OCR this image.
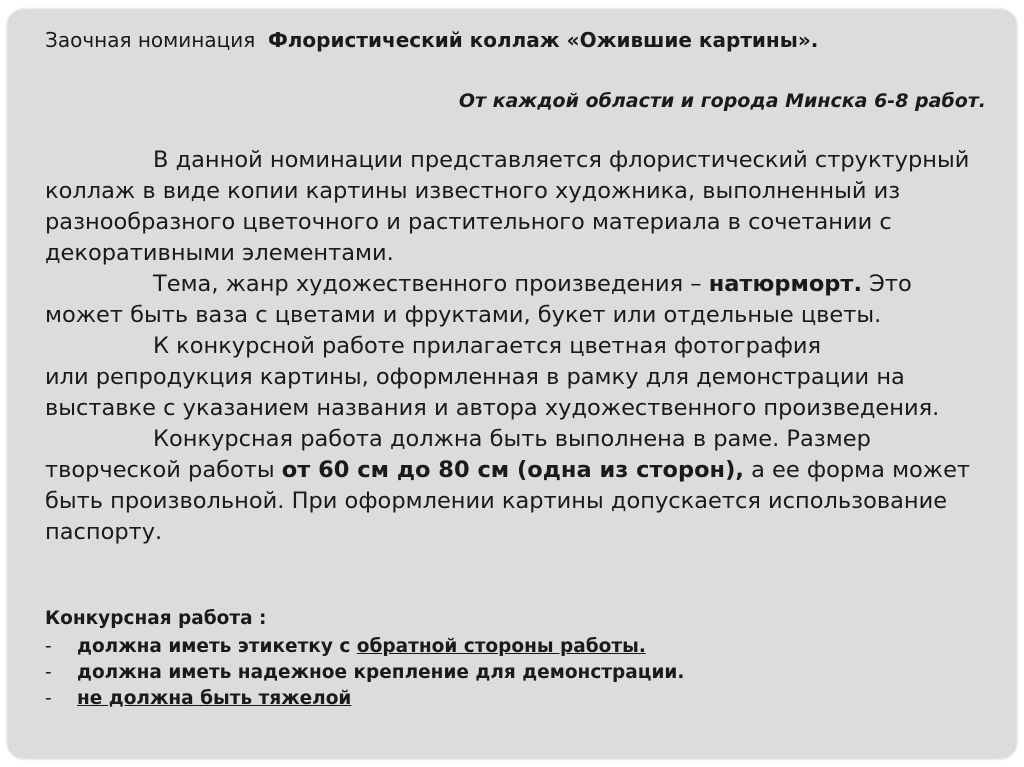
Заочная номинация Флористический коллаж «Ожившие картины».
От каждой области и города Минска 6-8 работ.

В данной номинации представляется флористический структурный коллаж в виде копии картины известного художника, выполненный из разнообразного цветочного и растительного материала в сочетании с декоративными элементами.

Тема, жанр художественного произведения – натюрморт. Это может быть ваза с цветами и фруктами, букет или отдельные цветы.

К конкурсной работе прилагается цветная фотография
или репродукция картины, оформленная в рамку для демонстрации на выставке с указанием названия и автора художественного произведения.

Конкурсная работа должна быть выполнена в раме. Размер
творческой работы от 60 см до 80 см (одна из сторон), а ее форма может быть произвольной. При оформлении картины допускается использование паспорту.

Конкурсная работа :

-	должна иметь этикетку с обратной стороны работы.

-	должна иметь надежное крепление для демонстрации.

-	не должна быть тяжелой
